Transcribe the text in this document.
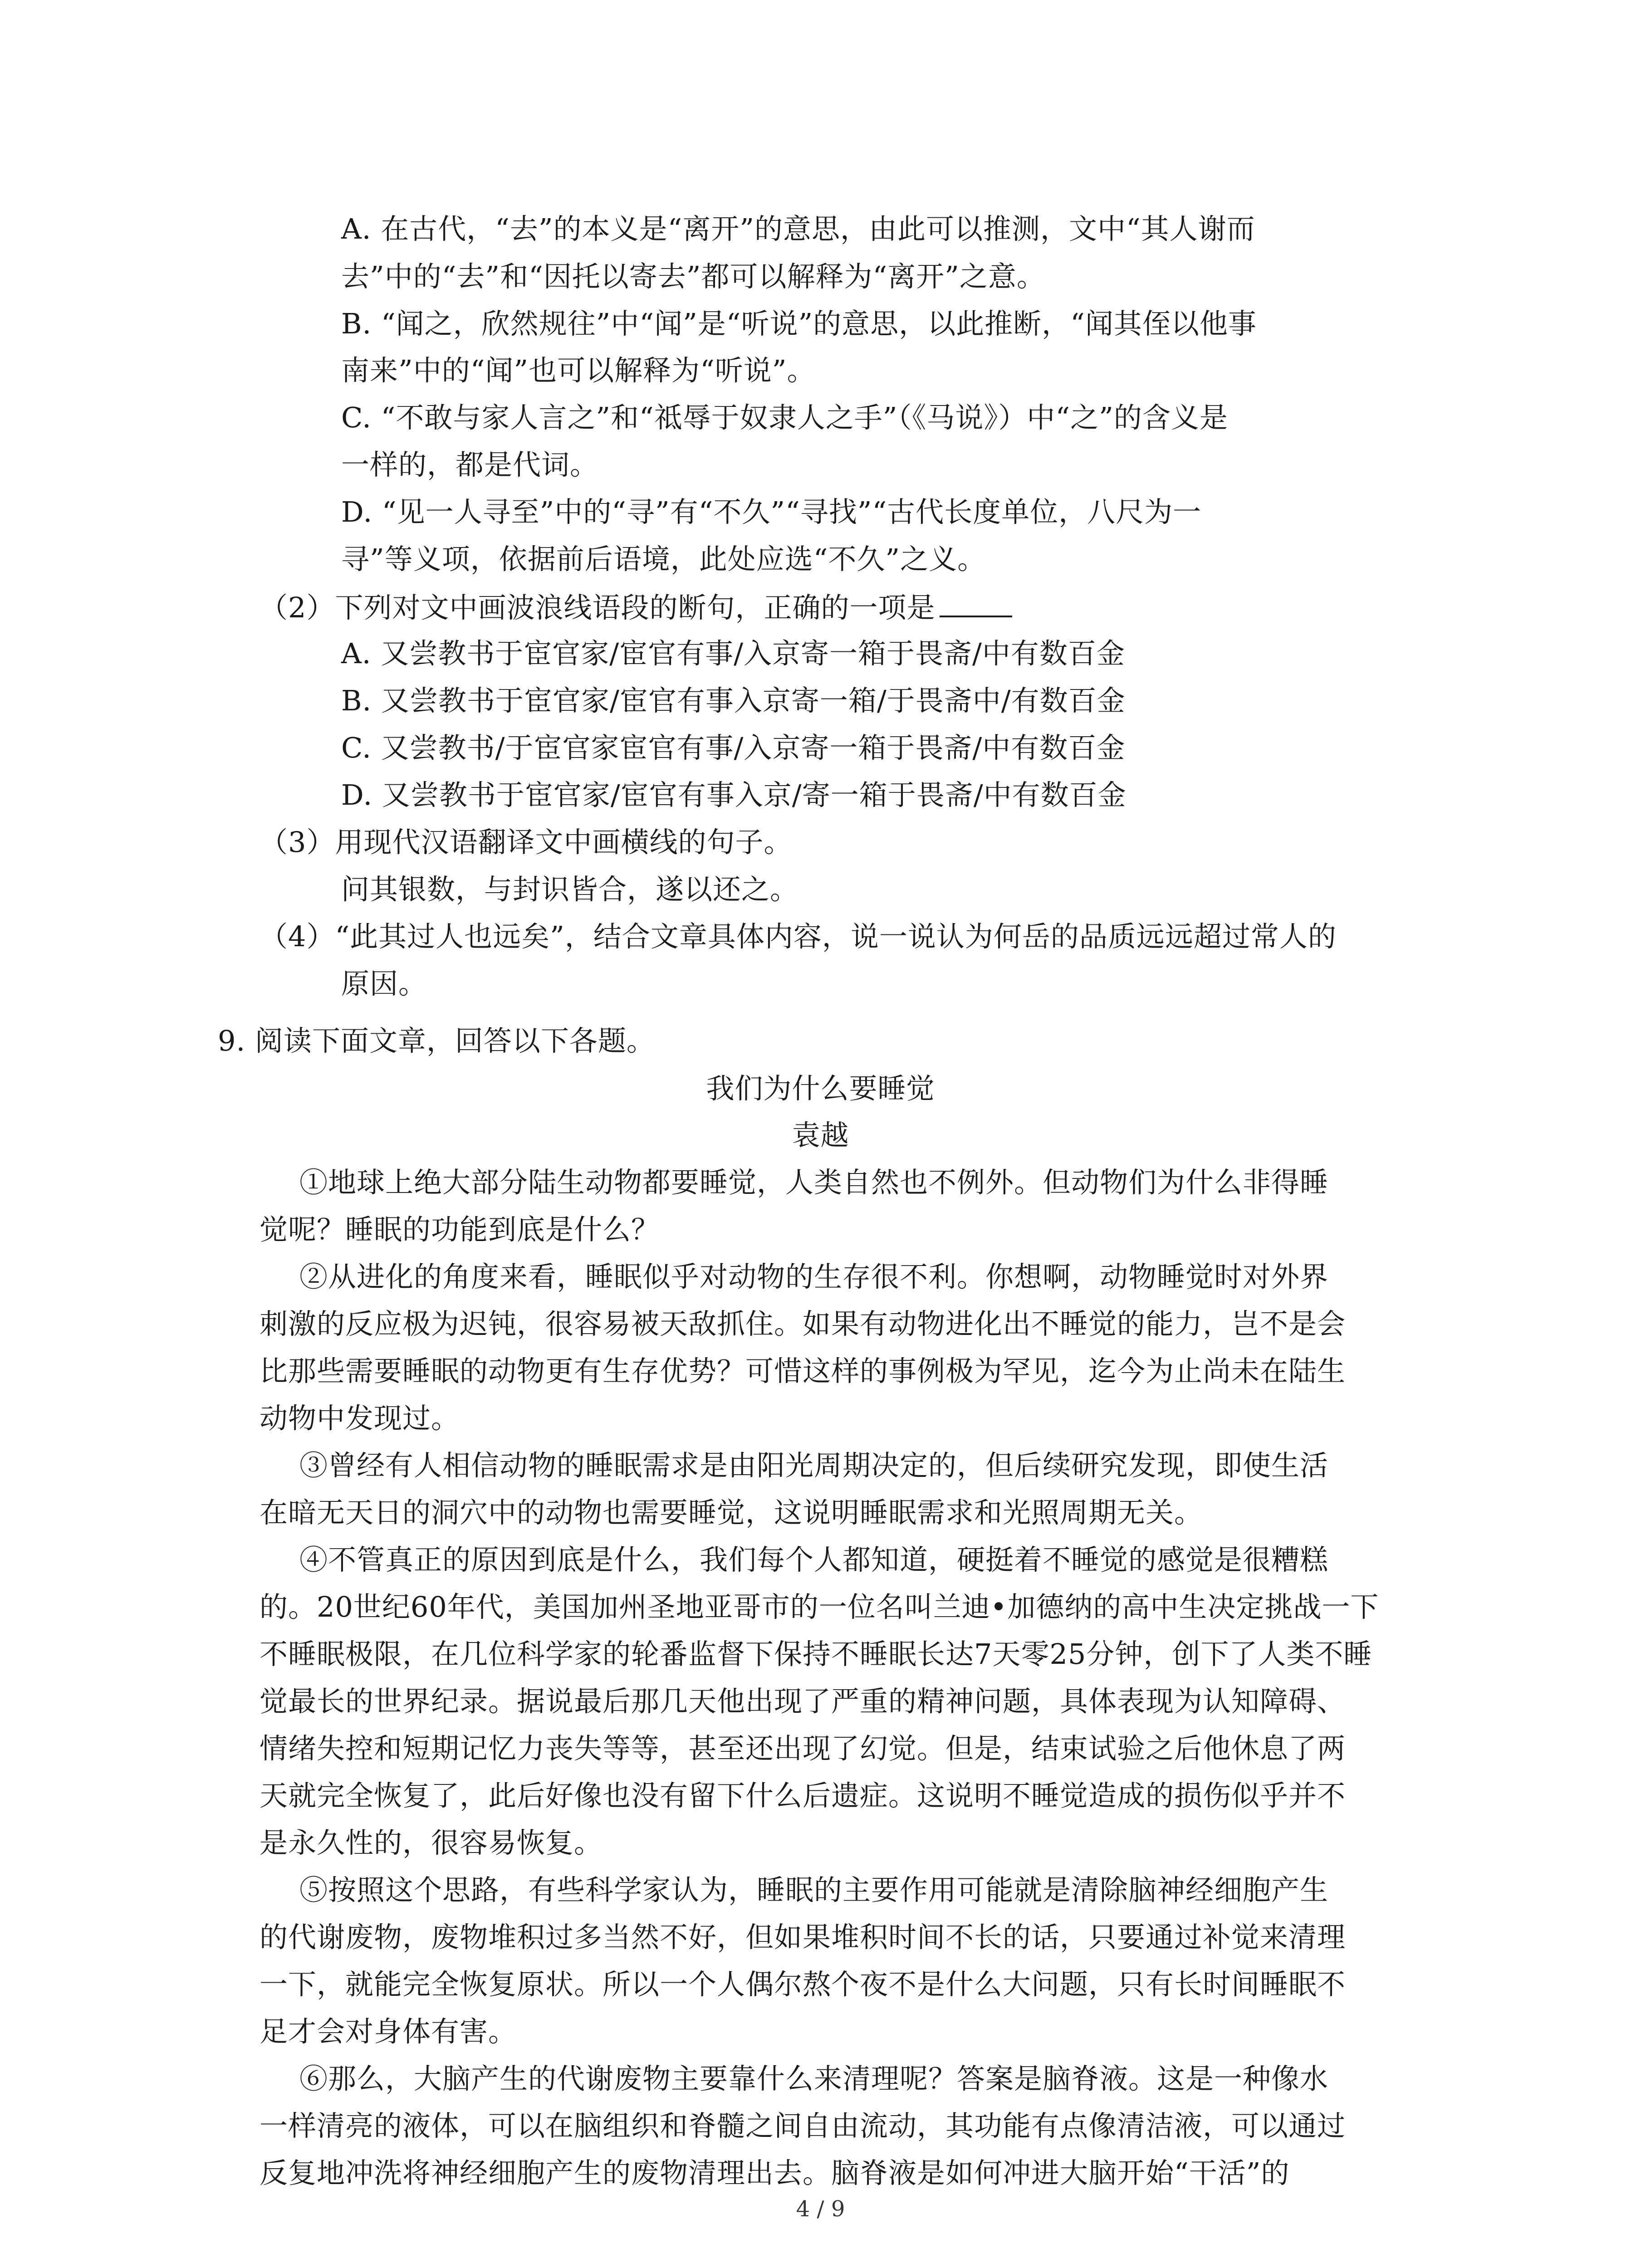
A. 在古代，“去”的本义是“离开”的意思，由此可以推测，文中“其人谢而
去”中的“去”和“因托以寄去”都可以解释为“离开”之意。
B. “闻之，欣然规往”中“闻”是“听说”的意思，以此推断，“闻其侄以他事
南来”中的“闻”也可以解释为“听说”。
C. “不敢与家人言之”和“祗辱于奴隶人之手”（《马说》）中“之”的含义是
一样的，都是代词。
D. “见一人寻至”中的“寻”有“不久”“寻找”“古代长度单位，八尺为一
寻”等义项，依据前后语境，此处应选“不久”之义。
（2）下列对文中画波浪线语段的断句，正确的一项是
A. 又尝教书于宦官家/宦官有事/入京寄一箱于畏斋/中有数百金
B. 又尝教书于宦官家/宦官有事入京寄一箱/于畏斋中/有数百金
C. 又尝教书/于宦官家宦官有事/入京寄一箱于畏斋/中有数百金
D. 又尝教书于宦官家/宦官有事入京/寄一箱于畏斋/中有数百金
（3）用现代汉语翻译文中画横线的句子。
问其银数，与封识皆合，遂以还之。
（4）“此其过人也远矣”，结合文章具体内容，说一说认为何岳的品质远远超过常人的
原因。
9. 阅读下面文章，回答以下各题。
我们为什么要睡觉
袁越
①地球上绝大部分陆生动物都要睡觉，人类自然也不例外。但动物们为什么非得睡
觉呢？睡眠的功能到底是什么？
②从进化的角度来看，睡眠似乎对动物的生存很不利。你想啊，动物睡觉时对外界
刺激的反应极为迟钝，很容易被天敌抓住。如果有动物进化出不睡觉的能力，岂不是会
比那些需要睡眠的动物更有生存优势？可惜这样的事例极为罕见，迄今为止尚未在陆生
动物中发现过。
③曾经有人相信动物的睡眠需求是由阳光周期决定的，但后续研究发现，即使生活
在暗无天日的洞穴中的动物也需要睡觉，这说明睡眠需求和光照周期无关。
④不管真正的原因到底是什么，我们每个人都知道，硬挺着不睡觉的感觉是很糟糕
的。20世纪60年代，美国加州圣地亚哥市的一位名叫兰迪•加德纳的高中生决定挑战一下
不睡眠极限，在几位科学家的轮番监督下保持不睡眠长达7天零25分钟，创下了人类不睡
觉最长的世界纪录。据说最后那几天他出现了严重的精神问题，具体表现为认知障碍、
情绪失控和短期记忆力丧失等等，甚至还出现了幻觉。但是，结束试验之后他休息了两
天就完全恢复了，此后好像也没有留下什么后遗症。这说明不睡觉造成的损伤似乎并不
是永久性的，很容易恢复。
⑤按照这个思路，有些科学家认为，睡眠的主要作用可能就是清除脑神经细胞产生
的代谢废物，废物堆积过多当然不好，但如果堆积时间不长的话，只要通过补觉来清理
一下，就能完全恢复原状。所以一个人偶尔熬个夜不是什么大问题，只有长时间睡眠不
足才会对身体有害。
⑥那么，大脑产生的代谢废物主要靠什么来清理呢？答案是脑脊液。这是一种像水
一样清亮的液体，可以在脑组织和脊髓之间自由流动，其功能有点像清洁液，可以通过
反复地冲洗将神经细胞产生的废物清理出去。脑脊液是如何冲进大脑开始“干活”的
4 / 9
